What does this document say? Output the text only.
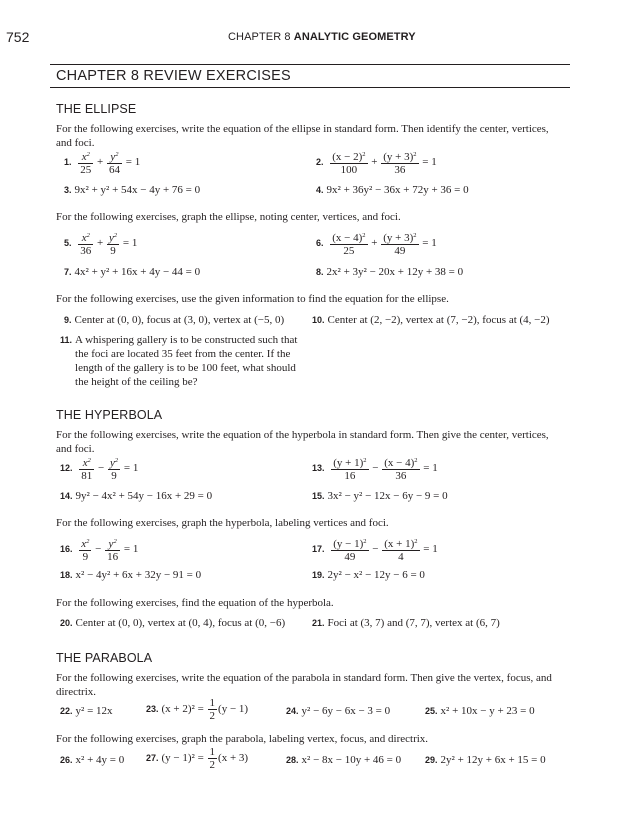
752	CHAPTER 8 ANALYTIC GEOMETRY
CHAPTER 8 REVIEW EXERCISES
THE ELLIPSE
For the following exercises, write the equation of the ellipse in standard form. Then identify the center, vertices, and foci.
1. $\frac{x^2}{25} + \frac{y^2}{64} = 1$	2. $\frac{(x - 2)^2}{100} + \frac{(y + 3)^2}{36} = 1$
3. 9x² + y² + 54x − 4y + 76 = 0	4. 9x² + 36y² − 36x + 72y + 36 = 0
For the following exercises, graph the ellipse, noting center, vertices, and foci.
5. $\frac{x^2}{36} + \frac{y^2}{9} = 1$	6. $\frac{(x - 4)^2}{25} + \frac{(y + 3)^2}{49} = 1$
7. 4x² + y² + 16x + 4y − 44 = 0	8. 2x² + 3y² − 20x + 12y + 38 = 0
For the following exercises, use the given information to find the equation for the ellipse.
9. Center at (0, 0), focus at (3, 0), vertex at (−5, 0)	10. Center at (2, −2), vertex at (7, −2), focus at (4, −2)
11. A whispering gallery is to be constructed such that the foci are located 35 feet from the center. If the length of the gallery is to be 100 feet, what should the height of the ceiling be?
THE HYPERBOLA
For the following exercises, write the equation of the hyperbola in standard form. Then give the center, vertices, and foci.
12. $\frac{x^2}{81} - \frac{y^2}{9} = 1$	13. $\frac{(y + 1)^2}{16} - \frac{(x - 4)^2}{36} = 1$
14. 9y² − 4x² + 54y − 16x + 29 = 0	15. 3x² − y² − 12x − 6y − 9 = 0
For the following exercises, graph the hyperbola, labeling vertices and foci.
16. $\frac{x^2}{9} - \frac{y^2}{16} = 1$	17. $\frac{(y - 1)^2}{49} - \frac{(x + 1)^2}{4} = 1$
18. x² − 4y² + 6x + 32y − 91 = 0	19. 2y² − x² − 12y − 6 = 0
For the following exercises, find the equation of the hyperbola.
20. Center at (0, 0), vertex at (0, 4), focus at (0, −6)	21. Foci at (3, 7) and (7, 7), vertex at (6, 7)
THE PARABOLA
For the following exercises, write the equation of the parabola in standard form. Then give the vertex, focus, and directrix.
22. y² = 12x	23. $(x + 2)^2 = \frac{1}{2} (y - 1)$	24. y² − 6y − 6x − 3 = 0	25. x² + 10x − y + 23 = 0
For the following exercises, graph the parabola, labeling vertex, focus, and directrix.
26. x² + 4y = 0 27. $(y - 1)^2 = \frac{1}{2} (x + 3)$	28. x² − 8x − 10y + 46 = 0	29. 2y² + 12y + 6x + 15 = 0
